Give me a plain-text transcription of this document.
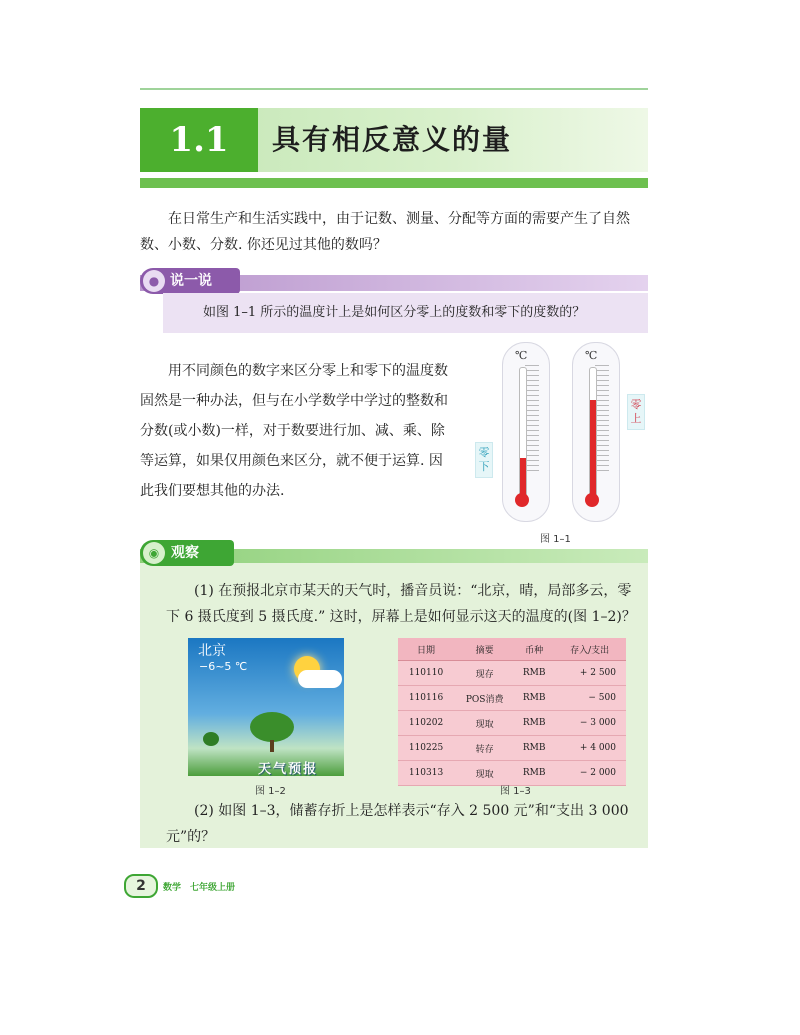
1.1	具有相反意义的量
在日常生产和生活实践中，由于记数、测量、分配等方面的需要产生了自然数、小数、分数. 你还见过其他的数吗？
● 说一说
如图 1–1 所示的温度计上是如何区分零上的度数和零下的度数的？
用不同颜色的数字来区分零上和零下的温度数固然是一种办法，但与在小学数学中学过的整数和分数(或小数)一样，对于数要进行加、减、乘、除等运算，如果仅用颜色来区分，就不便于运算. 因此我们要想其他的办法.
℃	℃
零下
零上
图 1–1
◉ 观察
(1) 在预报北京市某天的天气时，播音员说：“北京，晴，局部多云，零下 6 摄氏度到 5 摄氏度.” 这时，屏幕上是如何显示这天的温度的(图 1–2)？
北京
−6~5 ℃
天气预报
图 1–2
日期	摘要	币种	存入/支出
110110	现存	RMB	+ 2 500
110116	POS消费	RMB	− 500
110202	现取	RMB	− 3 000
110225	转存	RMB	+ 4 000
110313	现取	RMB	− 2 000
图 1–3
(2) 如图 1–3，储蓄存折上是怎样表示“存入 2 500 元”和“支出 3 000 元”的？
2	数学　七年级上册
